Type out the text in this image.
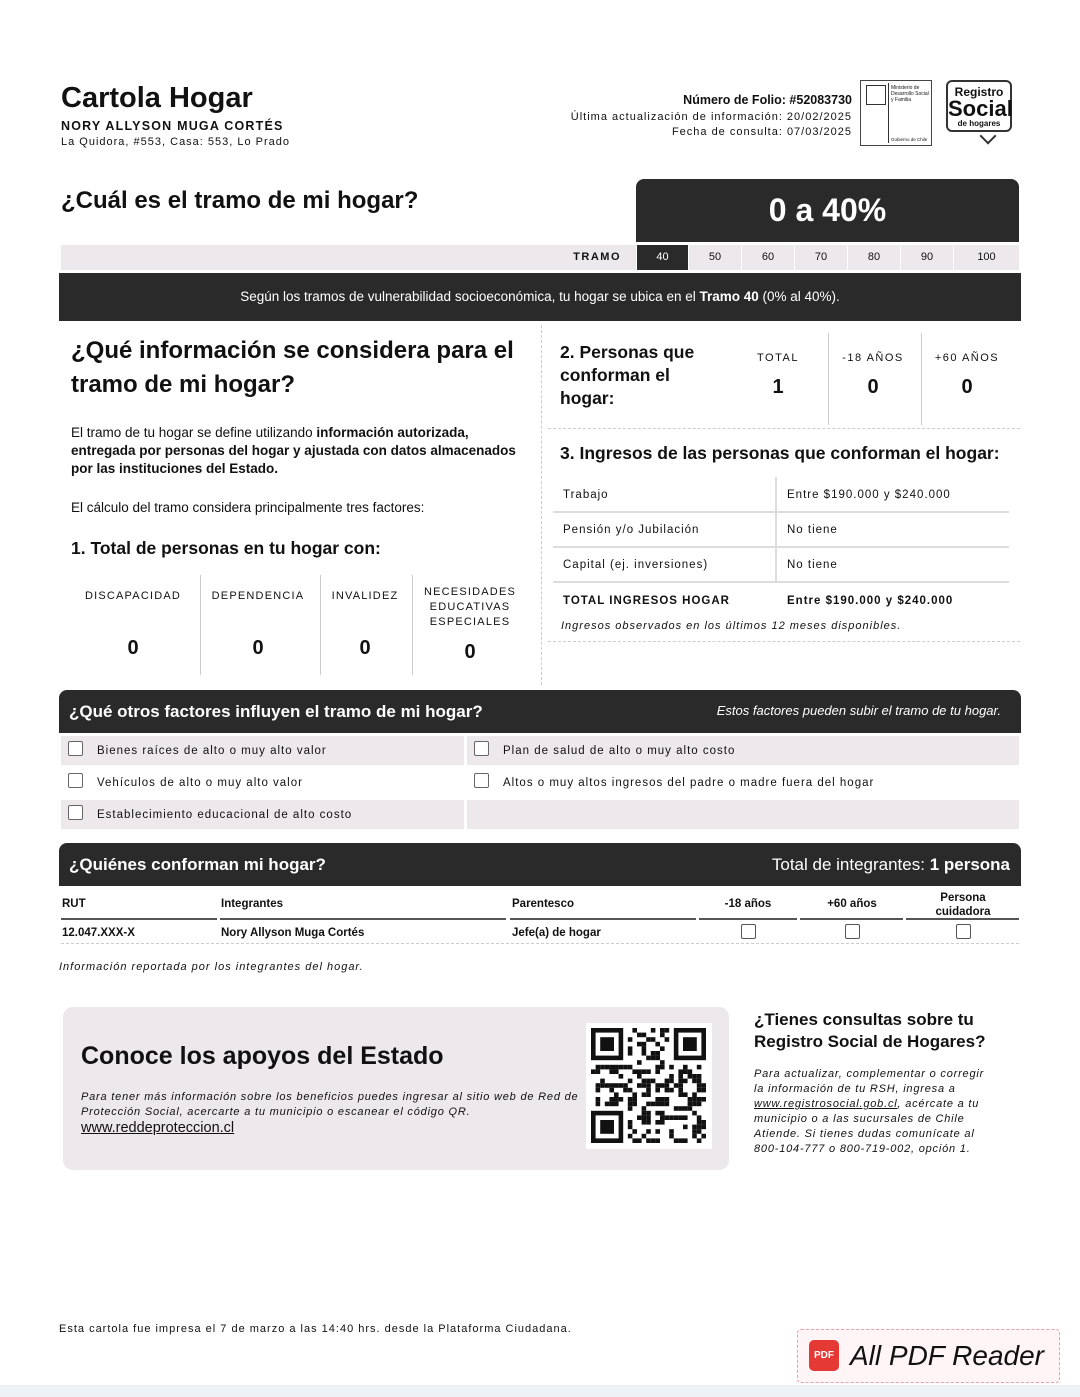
Cartola Hogar
NORY ALLYSON MUGA CORTÉS
La Quidora, #553, Casa: 553, Lo Prado
Número de Folio: #52083730
Última actualización de información: 20/02/2025
Fecha de consulta: 07/03/2025
Ministerio de Desarrollo Social y Familia
Gobierno de Chile
Registro
Social
de hogares
¿Cuál es el tramo de mi hogar?	0 a 40%
TRAMO	40	50	60	70	80	90	100
Según los tramos de vulnerabilidad socioeconómica, tu hogar se ubica en el Tramo 40 (0% al 40%).
¿Qué información se considera para el tramo de mi hogar?
El tramo de tu hogar se define utilizando información autorizada, entregada por personas del hogar y ajustada con datos almacenados por las instituciones del Estado.
El cálculo del tramo considera principalmente tres factores:
1. Total de personas en tu hogar con:
DISCAPACIDAD
0
DEPENDENCIA
0
INVALIDEZ
0
NECESIDADES EDUCATIVAS ESPECIALES
0
2. Personas que conforman el hogar:
TOTAL
1
-18 AÑOS
0
+60 AÑOS
0
3. Ingresos de las personas que conforman el hogar:
Trabajo	Entre $190.000 y $240.000
Pensión y/o Jubilación	No tiene
Capital (ej. inversiones)	No tiene
TOTAL INGRESOS HOGAR	Entre $190.000 y $240.000
Ingresos observados en los últimos 12 meses disponibles.
¿Qué otros factores influyen el tramo de mi hogar?	Estos factores pueden subir el tramo de tu hogar.
Bienes raíces de alto o muy alto valor	Plan de salud de alto o muy alto costo
Vehículos de alto o muy alto valor	Altos o muy altos ingresos del padre o madre fuera del hogar
Establecimiento educacional de alto costo
¿Quiénes conforman mi hogar?	Total de integrantes: 1 persona
RUT	Integrantes	Parentesco	-18 años	+60 años	Persona cuidadora
12.047.XXX-X	Nory Allyson Muga Cortés	Jefe(a) de hogar
Información reportada por los integrantes del hogar.
Conoce los apoyos del Estado
Para tener más información sobre los beneficios puedes ingresar al sitio web de Red de Protección Social, acercarte a tu municipio o escanear el código QR.
www.reddeproteccion.cl
¿Tienes consultas sobre tu Registro Social de Hogares?
Para actualizar, complementar o corregir la información de tu RSH, ingresa a www.registrosocial.gob.cl, acércate a tu municipio o a las sucursales de Chile Atiende. Si tienes dudas comunícate al 800-104-777 o 800-719-002, opción 1.
Esta cartola fue impresa el 7 de marzo a las 14:40 hrs. desde la Plataforma Ciudadana.
PDF All PDF Reader
